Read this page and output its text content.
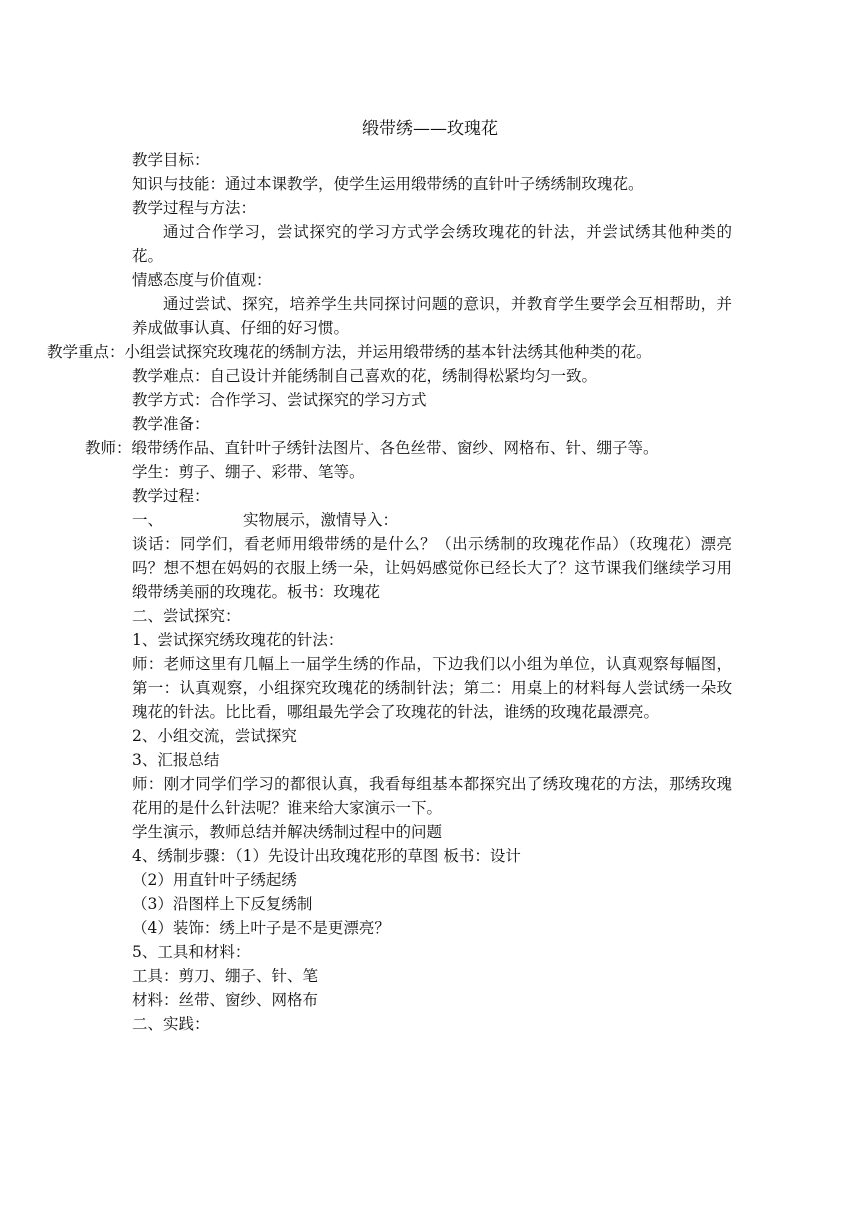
缎带绣——玫瑰花

教学目标：

知识与技能：通过本课教学，使学生运用缎带绣的直针叶子绣绣制玫瑰花。

教学过程与方法：

通过合作学习，尝试探究的学习方式学会绣玫瑰花的针法，并尝试绣其他种类的花。

情感态度与价值观：

通过尝试、探究，培养学生共同探讨问题的意识，并教育学生要学会互相帮助，并养成做事认真、仔细的好习惯。

教学重点：小组尝试探究玫瑰花的绣制方法，并运用缎带绣的基本针法绣其他种类的花。

教学难点：自己设计并能绣制自己喜欢的花，绣制得松紧均匀一致。

教学方式：合作学习、尝试探究的学习方式

教学准备：

教师：缎带绣作品、直针叶子绣针法图片、各色丝带、窗纱、网格布、针、绷子等。

学生：剪子、绷子、彩带、笔等。

教学过程：

一、	实物展示，激情导入：

谈话：同学们，看老师用缎带绣的是什么？（出示绣制的玫瑰花作品）（玫瑰花）漂亮吗？想不想在妈妈的衣服上绣一朵，让妈妈感觉你已经长大了？这节课我们继续学习用缎带绣美丽的玫瑰花。板书：玫瑰花

二、尝试探究：

1、尝试探究绣玫瑰花的针法：

师：老师这里有几幅上一届学生绣的作品，下边我们以小组为单位，认真观察每幅图，第一：认真观察，小组探究玫瑰花的绣制针法；第二：用桌上的材料每人尝试绣一朵玫瑰花的针法。比比看，哪组最先学会了玫瑰花的针法，谁绣的玫瑰花最漂亮。

2、小组交流，尝试探究

3、汇报总结

师：刚才同学们学习的都很认真，我看每组基本都探究出了绣玫瑰花的方法，那绣玫瑰花用的是什么针法呢？谁来给大家演示一下。

学生演示，教师总结并解决绣制过程中的问题

4、绣制步骤：（1）先设计出玫瑰花形的草图 板书：设计

（2）用直针叶子绣起绣

（3）沿图样上下反复绣制

（4）装饰：绣上叶子是不是更漂亮？

5、工具和材料：

工具：剪刀、绷子、针、笔

材料：丝带、窗纱、网格布

二、实践：
